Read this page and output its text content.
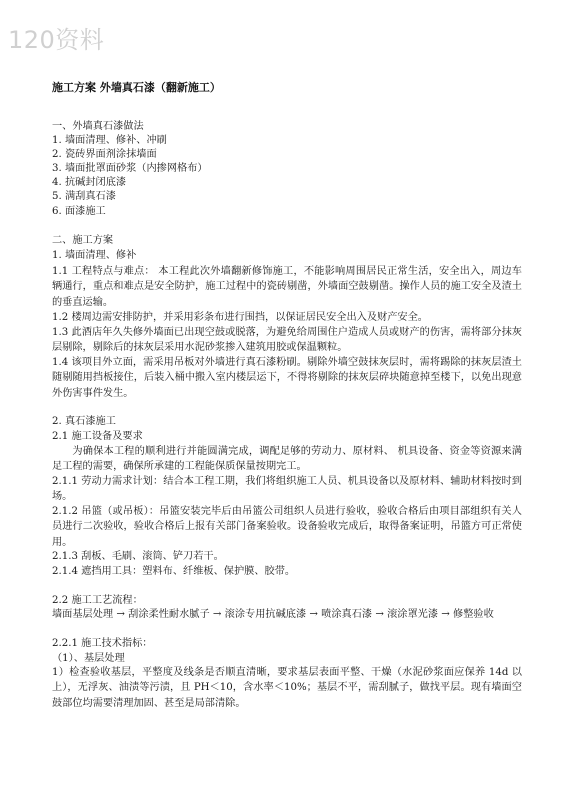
120资料
施工方案 外墙真石漆（翻新施工）
一、外墙真石漆做法
1. 墙面清理、修补、冲刷
2. 瓷砖界面剂涂抹墙面
3. 墙面批罩面砂浆（内掺网格布）
4. 抗碱封闭底漆
5. 满刮真石漆
6. 面漆施工
二、施工方案
1. 墙面清理、修补
1.1 工程特点与难点： 本工程此次外墙翻新修饰施工，不能影响周围居民正常生活，安全出入，周边车辆通行，重点和难点是安全防护，施工过程中的瓷砖剔凿，外墙面空鼓剔凿。操作人员的施工安全及渣土的垂直运输。
1.2 楼周边需安排防护，并采用彩条布进行围挡，以保证居民安全出入及财产安全。
1.3 此酒店年久失修外墙面已出现空鼓或脱落，为避免给周围住户造成人员或财产的伤害，需将部分抹灰层剔除，剔除后的抹灰层采用水泥砂浆掺入建筑用胶或保温颗粒。
1.4 该项目外立面，需采用吊板对外墙进行真石漆粉刷。剔除外墙空鼓抹灰层时，需将踢除的抹灰层渣土随剔随用挡板接住，后装入桶中搬入室内楼层运下，不得将剔除的抹灰层碎块随意掉至楼下，以免出现意外伤害事件发生。
2. 真石漆施工
2.1 施工设备及要求
为确保本工程的顺利进行并能圆满完成，调配足够的劳动力、原材料、 机具设备、资金等资源来满足工程的需要，确保所承建的工程能保质保量按期完工。
2.1.1 劳动力需求计划：结合本工程工期，我们将组织施工人员、机具设备以及原材料、辅助材料按时到场。
2.1.2 吊篮（或吊板）：吊篮安装完毕后由吊篮公司组织人员进行验收，验收合格后由项目部组织有关人员进行二次验收，验收合格后上报有关部门备案验收。设备验收完成后，取得备案证明，吊篮方可正常使用。
2.1.3 刮板、毛刷、滚筒、铲刀若干。
2.1.4 遮挡用工具：塑料布、纤维板、保护膜、胶带。
2.2 施工工艺流程：
墙面基层处理 → 刮涂柔性耐水腻子 → 滚涂专用抗碱底漆 → 喷涂真石漆 → 滚涂罩光漆 → 修整验收
2.2.1 施工技术指标：
（1）、基层处理
1）检查验收基层，平整度及线条是否顺直清晰，要求基层表面平整、干燥（水泥砂浆面应保养 14d 以上），无浮灰、油渍等污渍，且 PH＜10，含水率＜10%；基层不平，需刮腻子，做找平层。现有墙面空鼓部位均需要清理加固、甚至是局部清除。
